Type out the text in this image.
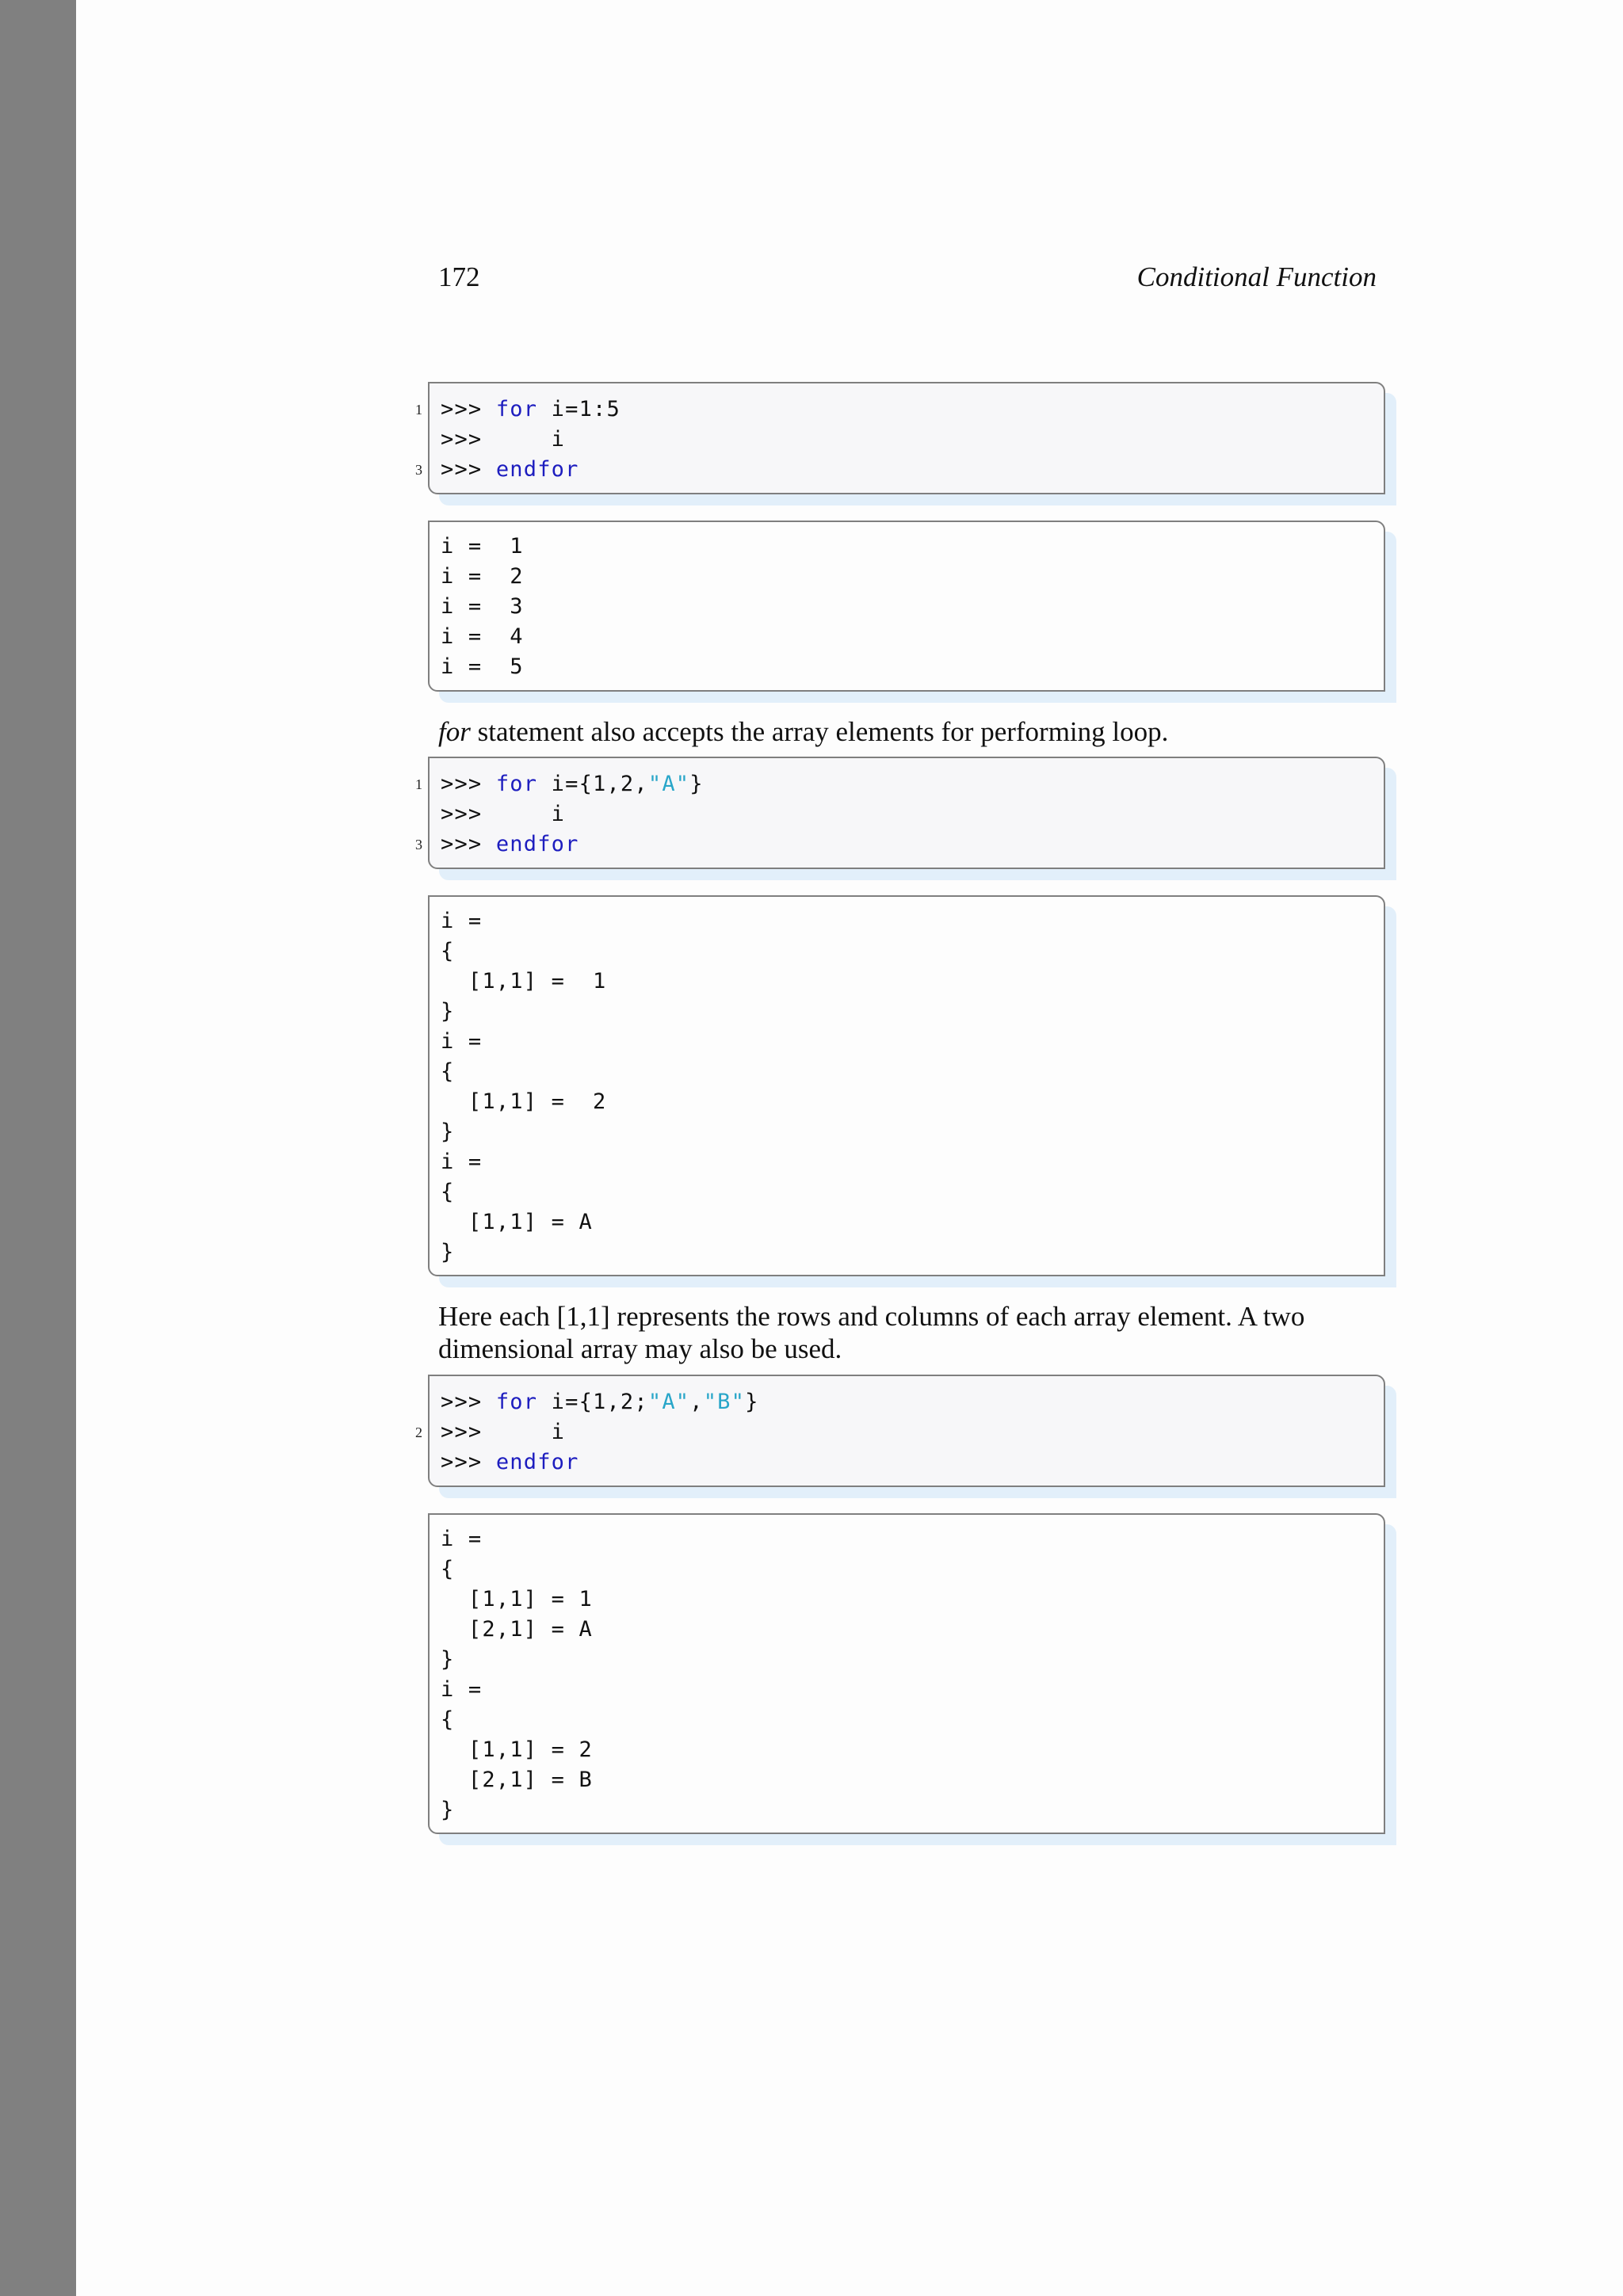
172	Conditional Function
1 >>> for i=1:5
>>>     i
3 >>> endfor
i =  1
i =  2
i =  3
i =  4
i =  5
for statement also accepts the array elements for performing loop.
1 >>> for i={1,2,"A"}
>>>     i
3 >>> endfor
i =
{
[1,1] =  1
}
i =
{
[1,1] =  2
}
i =
{
[1,1] = A
}
Here each [1,1] represents the rows and columns of each array element. A two dimensional array may also be used.
>>> for i={1,2;"A","B"}
2 >>>     i
>>> endfor
i =
{
[1,1] = 1
[2,1] = A
}
i =
{
[1,1] = 2
[2,1] = B
}
